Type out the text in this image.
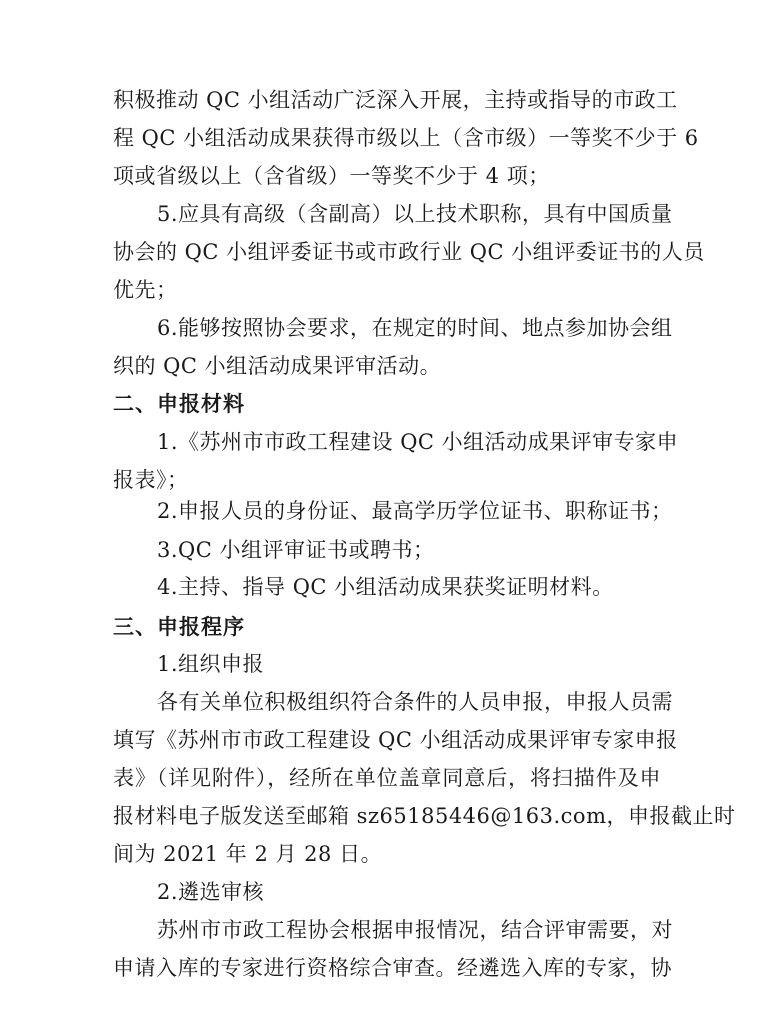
积极推动 QC 小组活动广泛深入开展，主持或指导的市政工
程 QC 小组活动成果获得市级以上（含市级）一等奖不少于 6
项或省级以上（含省级）一等奖不少于 4 项；
5.应具有高级（含副高）以上技术职称，具有中国质量
协会的 QC 小组评委证书或市政行业 QC 小组评委证书的人员
优先；
6.能够按照协会要求，在规定的时间、地点参加协会组
织的 QC 小组活动成果评审活动。
二、申报材料
1.《苏州市市政工程建设 QC 小组活动成果评审专家申
报表》；
2.申报人员的身份证、最高学历学位证书、职称证书；
3.QC 小组评审证书或聘书；
4.主持、指导 QC 小组活动成果获奖证明材料。
三、申报程序
1.组织申报
各有关单位积极组织符合条件的人员申报，申报人员需
填写《苏州市市政工程建设 QC 小组活动成果评审专家申报
表》（详见附件），经所在单位盖章同意后，将扫描件及申
报材料电子版发送至邮箱 sz65185446@163.com，申报截止时
间为 2021 年 2 月 28 日。
2.遴选审核
苏州市市政工程协会根据申报情况，结合评审需要，对
申请入库的专家进行资格综合审查。经遴选入库的专家，协
